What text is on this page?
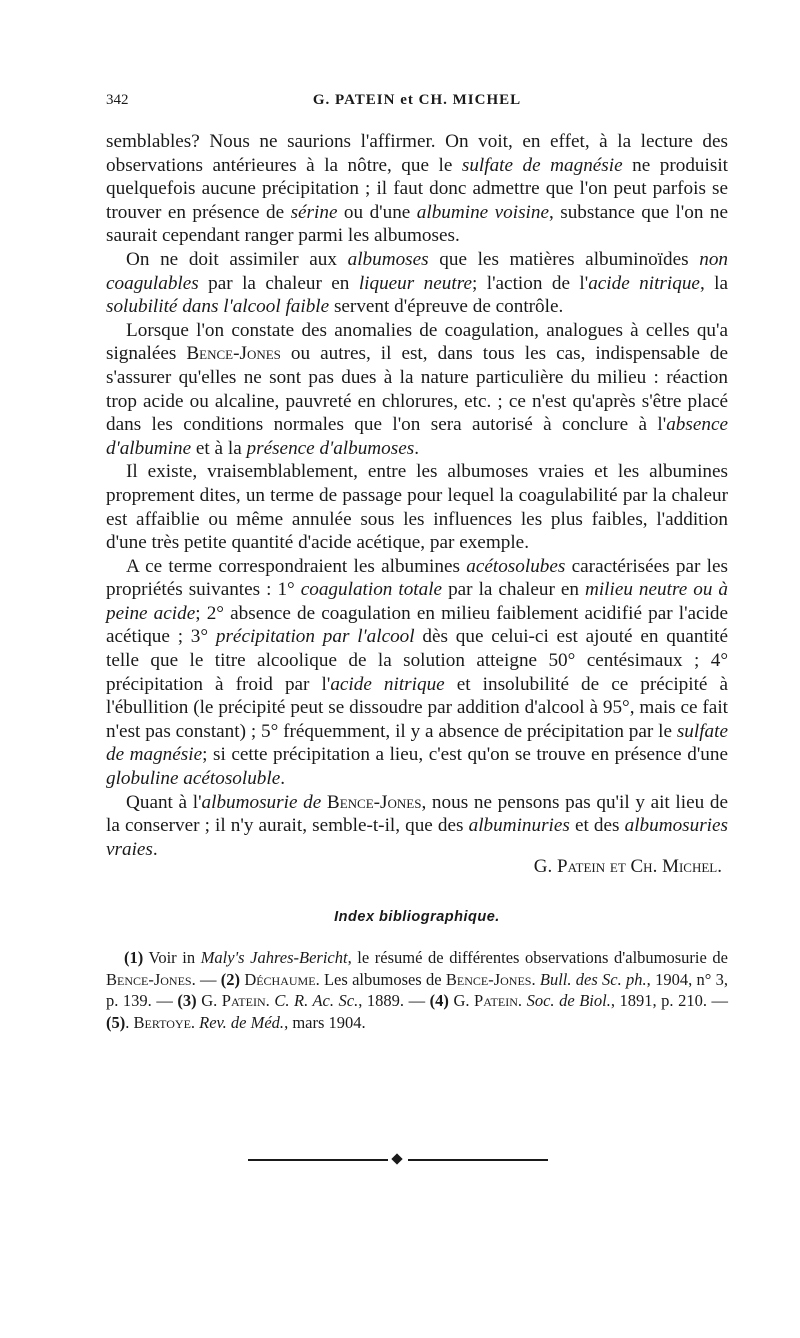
342	G. PATEIN et CH. MICHEL

semblables? Nous ne saurions l'affirmer. On voit, en effet, à la lecture des observations antérieures à la nôtre, que le sulfate de magnésie ne produisit quelquefois aucune précipitation ; il faut donc admettre que l'on peut parfois se trouver en présence de sérine ou d'une albumine voisine, substance que l'on ne saurait cependant ranger parmi les albumoses.

On ne doit assimiler aux albumoses que les matières albuminoïdes non coagulables par la chaleur en liqueur neutre; l'action de l'acide nitrique, la solubilité dans l'alcool faible servent d'épreuve de contrôle.

Lorsque l'on constate des anomalies de coagulation, analogues à celles qu'a signalées Bence-Jones ou autres, il est, dans tous les cas, indispensable de s'assurer qu'elles ne sont pas dues à la nature particulière du milieu : réaction trop acide ou alcaline, pauvreté en chlorures, etc. ; ce n'est qu'après s'être placé dans les conditions normales que l'on sera autorisé à conclure à l'absence d'albumine et à la présence d'albumoses.

Il existe, vraisemblablement, entre les albumoses vraies et les albumines proprement dites, un terme de passage pour lequel la coagulabilité par la chaleur est affaiblie ou même annulée sous les influences les plus faibles, l'addition d'une très petite quantité d'acide acétique, par exemple.

A ce terme correspondraient les albumines acétosolubes caractérisées par les propriétés suivantes : 1° coagulation totale par la chaleur en milieu neutre ou à peine acide; 2° absence de coagulation en milieu faiblement acidifié par l'acide acétique ; 3° précipitation par l'alcool dès que celui-ci est ajouté en quantité telle que le titre alcoolique de la solution atteigne 50° centésimaux ; 4° précipitation à froid par l'acide nitrique et insolubilité de ce précipité à l'ébullition (le précipité peut se dissoudre par addition d'alcool à 95°, mais ce fait n'est pas constant) ; 5° fréquemment, il y a absence de précipitation par le sulfate de magnésie; si cette précipitation a lieu, c'est qu'on se trouve en présence d'une globuline acétosoluble.

Quant à l'albumosurie de Bence-Jones, nous ne pensons pas qu'il y ait lieu de la conserver ; il n'y aurait, semble-t-il, que des albuminuries et des albumosuries vraies.

G. Patein et Ch. Michel.
Index bibliographique.
(1) Voir in Maly's Jahres-Bericht, le résumé de différentes observations d'albumosurie de Bence-Jones. — (2) Déchaume. Les albumoses de Bence-Jones. Bull. des Sc. ph., 1904, n° 3, p. 139. — (3) G. Patein. C. R. Ac. Sc., 1889. — (4) G. Patein. Soc. de Biol., 1891, p. 210. — (5). Bertoye. Rev. de Méd., mars 1904.
